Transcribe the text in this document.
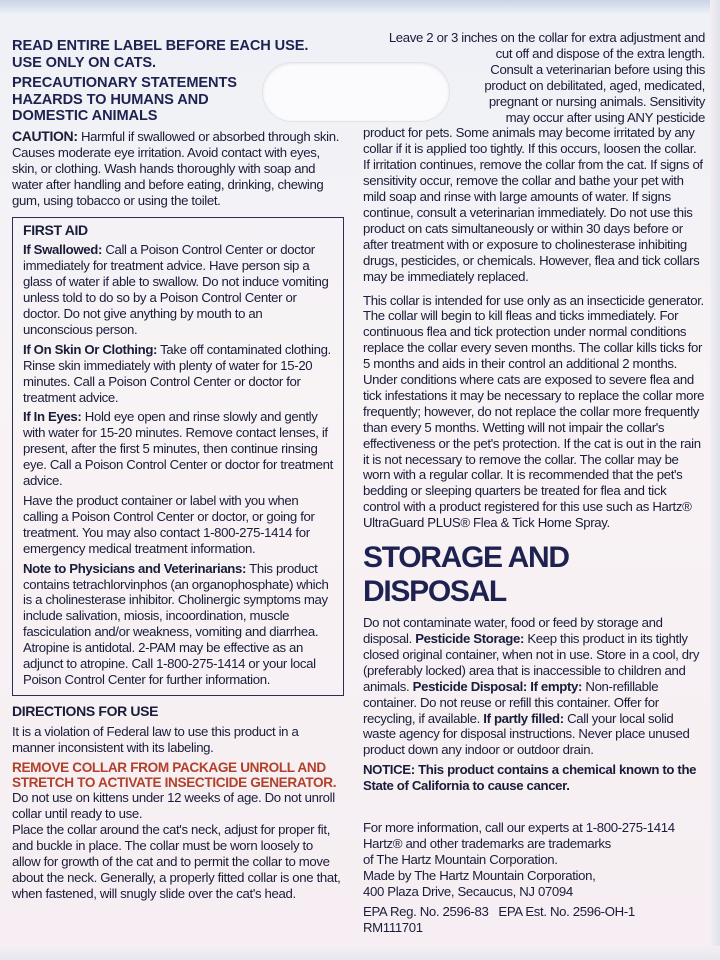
READ ENTIRE LABEL BEFORE EACH USE.

USE ONLY ON CATS.

PRECAUTIONARY STATEMENTS

HAZARDS TO HUMANS AND DOMESTIC ANIMALS

CAUTION: Harmful if swallowed or absorbed through skin. Causes moderate eye irritation. Avoid contact with eyes, skin, or clothing. Wash hands thoroughly with soap and water after handling and before eating, drinking, chewing gum, using tobacco or using the toilet.

FIRST AID

If Swallowed: Call a Poison Control Center or doctor immediately for treatment advice. Have person sip a glass of water if able to swallow. Do not induce vomiting unless told to do so by a Poison Control Center or doctor. Do not give anything by mouth to an unconscious person.

If On Skin Or Clothing: Take off contaminated clothing. Rinse skin immediately with plenty of water for 15-20 minutes. Call a Poison Control Center or doctor for treatment advice.

If In Eyes: Hold eye open and rinse slowly and gently with water for 15-20 minutes. Remove contact lenses, if present, after the first 5 minutes, then continue rinsing eye. Call a Poison Control Center or doctor for treatment advice.

Have the product container or label with you when calling a Poison Control Center or doctor, or going for treatment. You may also contact 1-800-275-1414 for emergency medical treatment information.

Note to Physicians and Veterinarians: This product contains tetrachlorvinphos (an organophosphate) which is a cholinesterase inhibitor. Cholinergic symptoms may include salivation, miosis, incoordination, muscle fasciculation and/or weakness, vomiting and diarrhea. Atropine is antidotal. 2-PAM may be effective as an adjunct to atropine. Call 1-800-275-1414 or your local Poison Control Center for further information.

DIRECTIONS FOR USE

It is a violation of Federal law to use this product in a manner inconsistent with its labeling.

REMOVE COLLAR FROM PACKAGE UNROLL AND STRETCH TO ACTIVATE INSECTICIDE GENERATOR.

Do not use on kittens under 12 weeks of age. Do not unroll collar until ready to use.

Place the collar around the cat's neck, adjust for proper fit, and buckle in place. The collar must be worn loosely to allow for growth of the cat and to permit the collar to move about the neck. Generally, a properly fitted collar is one that, when fastened, will snugly slide over the cat's head.

Leave 2 or 3 inches on the collar for extra adjustment and cut off and dispose of the extra length.

Consult a veterinarian before using this product on debilitated, aged, medicated, pregnant or nursing animals. Sensitivity may occur after using ANY pesticide

product for pets. Some animals may become irritated by any collar if it is applied too tightly. If this occurs, loosen the collar. If irritation continues, remove the collar from the cat. If signs of sensitivity occur, remove the collar and bathe your pet with mild soap and rinse with large amounts of water. If signs continue, consult a veterinarian immediately. Do not use this product on cats simultaneously or within 30 days before or after treatment with or exposure to cholinesterase inhibiting drugs, pesticides, or chemicals. However, flea and tick collars may be immediately replaced.

This collar is intended for use only as an insecticide generator. The collar will begin to kill fleas and ticks immediately. For continuous flea and tick protection under normal conditions replace the collar every seven months. The collar kills ticks for 5 months and aids in their control an additional 2 months. Under conditions where cats are exposed to severe flea and tick infestations it may be necessary to replace the collar more frequently; however, do not replace the collar more frequently than every 5 months. Wetting will not impair the collar's effectiveness or the pet's protection. If the cat is out in the rain it is not necessary to remove the collar. The collar may be worn with a regular collar. It is recommended that the pet's bedding or sleeping quarters be treated for flea and tick control with a product registered for this use such as Hartz® UltraGuard PLUS® Flea & Tick Home Spray.

STORAGE AND DISPOSAL

Do not contaminate water, food or feed by storage and disposal. Pesticide Storage: Keep this product in its tightly closed original container, when not in use. Store in a cool, dry (preferably locked) area that is inaccessible to children and animals. Pesticide Disposal: If empty: Non-refillable container. Do not reuse or refill this container. Offer for recycling, if available. If partly filled: Call your local solid waste agency for disposal instructions. Never place unused product down any indoor or outdoor drain.

NOTICE: This product contains a chemical known to the State of California to cause cancer.

For more information, call our experts at 1-800-275-1414

Hartz® and other trademarks are trademarks of The Hartz Mountain Corporation.

Made by The Hartz Mountain Corporation, 400 Plaza Drive, Secaucus, NJ 07094

EPA Reg. No. 2596-83   EPA Est. No. 2596-OH-1

RM111701
